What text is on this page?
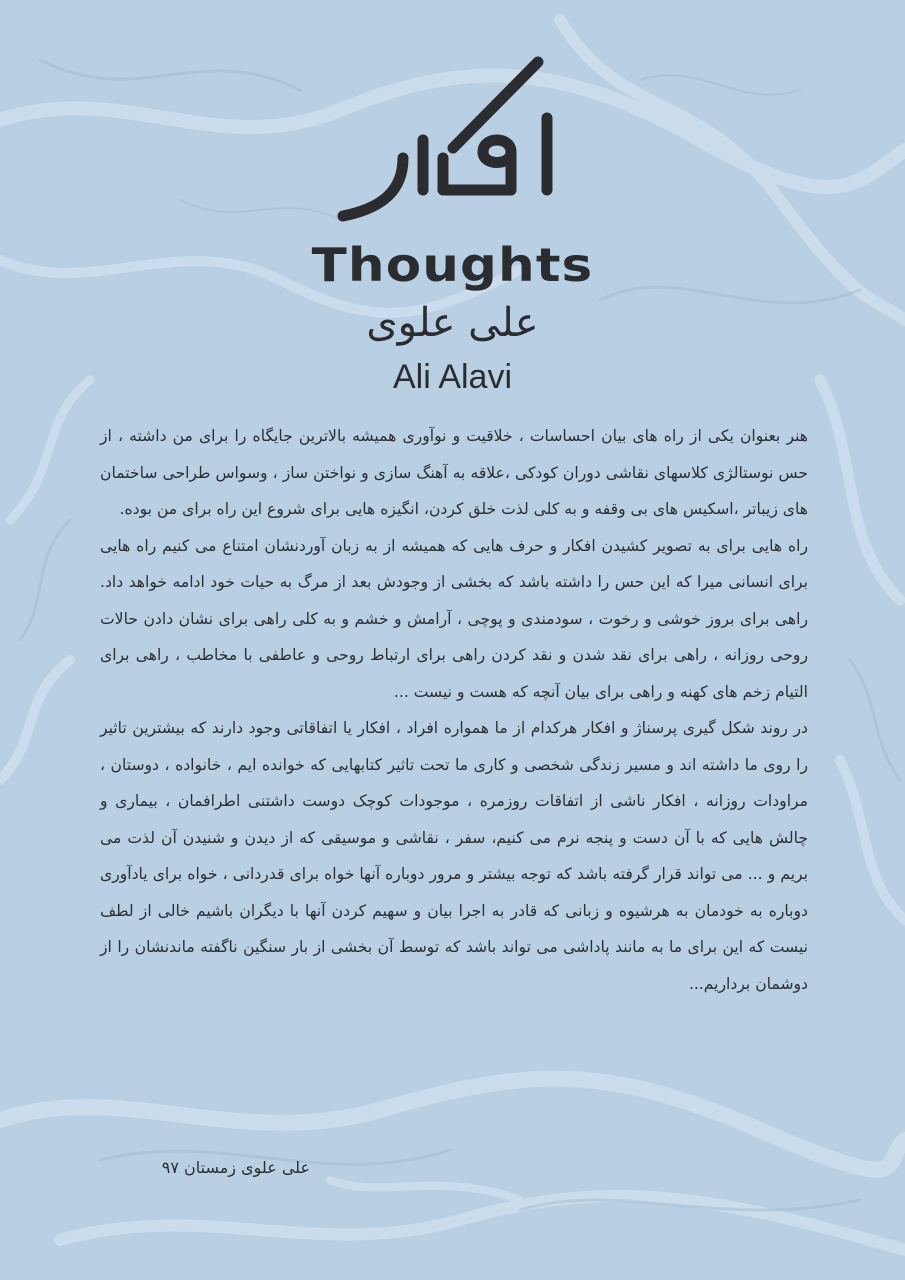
Thoughts
علی علوی
Ali Alavi

هنر بعنوان یکی از راه های بیان احساسات ، خلاقیت و نوآوری همیشه بالاترین جایگاه را برای من داشته ، از حس نوستالژی کلاسهای نقاشی دوران کودکی ،علاقه به آهنگ سازی و نواختن ساز ، وسواس طراحی ساختمان های زیباتر ،اسکیس های بی وقفه و به کلی لذت خلق کردن، انگیزه هایی برای شروع این راه برای من بوده.

راه هایی برای به تصویر کشیدن افکار و حرف هایی که همیشه از به زبان آوردنشان امتناع می کنیم راه هایی برای انسانی میرا که این حس را داشته باشد که بخشی از وجودش بعد از مرگ به حیات خود ادامه خواهد داد. راهی برای بروز خوشی و رخوت ، سودمندی و پوچی ، آرامش و خشم و به کلی راهی برای نشان دادن حالات روحی روزانه ، راهی برای نقد شدن و نقد کردن راهی برای ارتباط روحی و عاطفی با مخاطب ، راهی برای التیام زخم های کهنه و راهی برای بیان آنچه که هست و نیست ...

در روند شکل گیری پرسناژ و افکار هرکدام از ما همواره افراد ، افکار یا اتفاقاتی وجود دارند که بیشترین تاثیر را روی ما داشته اند و مسیر زندگی شخصی و کاری ما تحت تاثیر کتابهایی که خوانده ایم ، خانواده ، دوستان ، مراودات روزانه ، افکار ناشی از اتفاقات روزمره ، موجودات کوچک دوست داشتنی اطرافمان ، بیماری و چالش هایی که با آن دست و پنجه نرم می کنیم، سفر ، نقاشی و موسیقی که از دیدن و شنیدن آن لذت می بریم و ... می تواند قرار گرفته باشد که توجه بیشتر و مرور دوباره آنها خواه برای قدردانی ، خواه برای یادآوری دوباره به خودمان به هرشیوه و زبانی که قادر به اجرا بیان و سهیم کردن آنها با دیگران باشیم خالی از لطف نیست که این برای ما به مانند پاداشی می تواند باشد که توسط آن بخشی از بار سنگین ناگفته ماندنشان را از دوشمان برداریم...

علی علوی زمستان ۹۷
